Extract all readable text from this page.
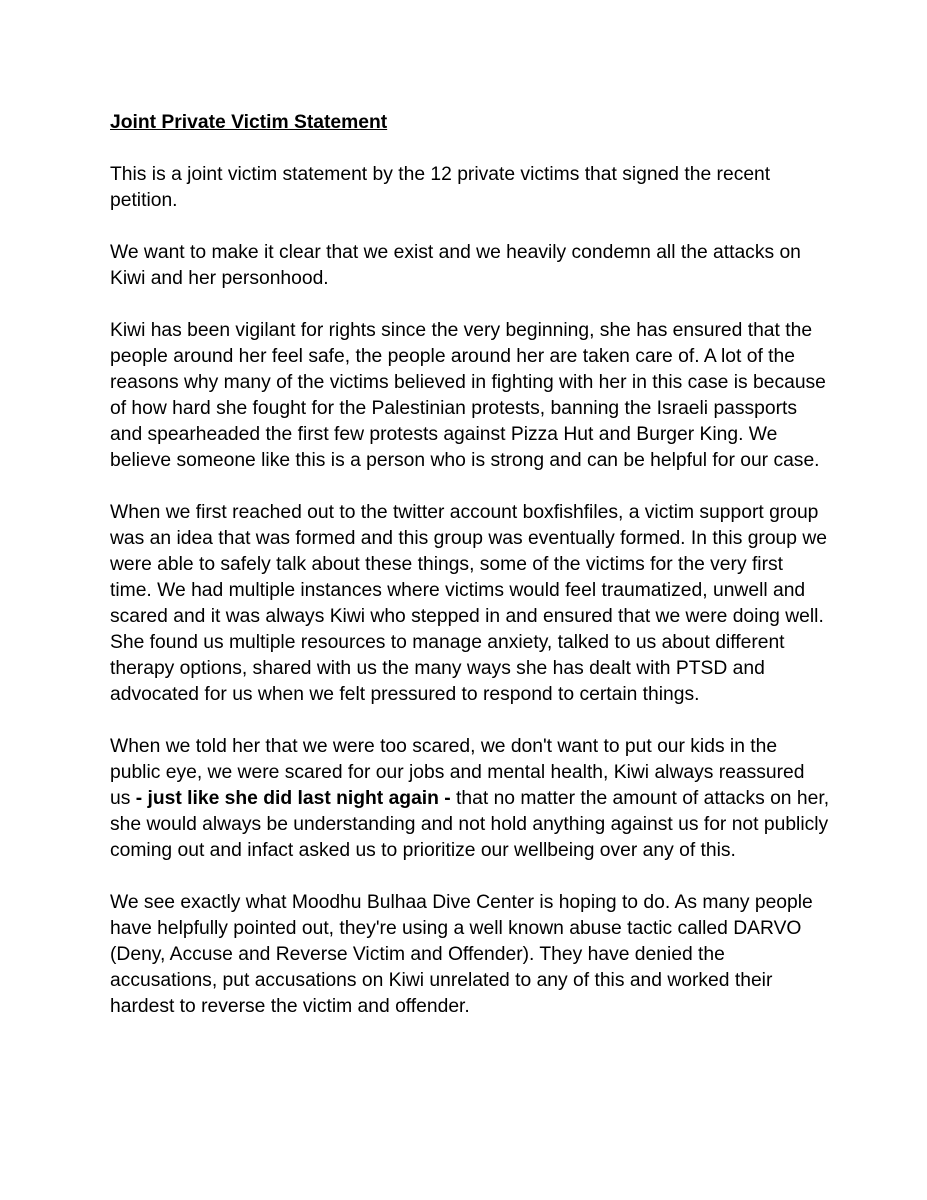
Joint Private Victim Statement

This is a joint victim statement by the 12 private victims that signed the recent petition.

We want to make it clear that we exist and we heavily condemn all the attacks on Kiwi and her personhood.

Kiwi has been vigilant for rights since the very beginning, she has ensured that the people around her feel safe, the people around her are taken care of. A lot of the reasons why many of the victims believed in fighting with her in this case is because of how hard she fought for the Palestinian protests, banning the Israeli passports and spearheaded the first few protests against Pizza Hut and Burger King. We believe someone like this is a person who is strong and can be helpful for our case.

When we first reached out to the twitter account boxfishfiles, a victim support group was an idea that was formed and this group was eventually formed. In this group we were able to safely talk about these things, some of the victims for the very first time. We had multiple instances where victims would feel traumatized, unwell and scared and it was always Kiwi who stepped in and ensured that we were doing well. She found us multiple resources to manage anxiety, talked to us about different therapy options, shared with us the many ways she has dealt with PTSD and advocated for us when we felt pressured to respond to certain things.

When we told her that we were too scared, we don't want to put our kids in the public eye, we were scared for our jobs and mental health, Kiwi always reassured us - just like she did last night again - that no matter the amount of attacks on her, she would always be understanding and not hold anything against us for not publicly coming out and infact asked us to prioritize our wellbeing over any of this.

We see exactly what Moodhu Bulhaa Dive Center is hoping to do. As many people have helpfully pointed out, they're using a well known abuse tactic called DARVO (Deny, Accuse and Reverse Victim and Offender). They have denied the accusations, put accusations on Kiwi unrelated to any of this and worked their hardest to reverse the victim and offender.
